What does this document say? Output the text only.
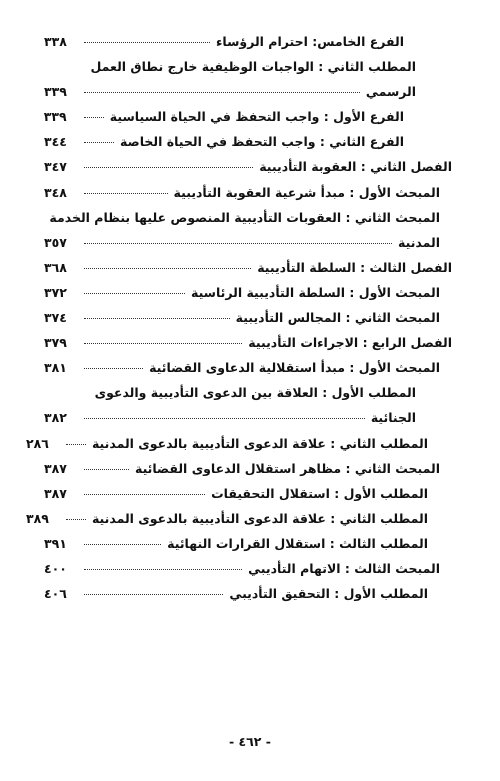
الفرع الخامس: احترام الرؤساء
٣٣٨
المطلب الثاني : الواجبات الوظيفية خارج نطاق العمل
الرسمي
٣٣٩
الفرع الأول : واجب التحفظ في الحياة السياسية
٣٣٩
الفرع الثاني : واجب التحفظ في الحياة الخاصة
٣٤٤
الفصل الثاني : العقوبة التأديبية
٣٤٧
المبحث الأول : مبدأ شرعية العقوبة التأديبية
٣٤٨
المبحث الثاني : العقوبات التأديبية المنصوص عليها بنظام الخدمة
المدنية
٣٥٧
الفصل الثالث : السلطة التأديبية
٣٦٨
المبحث الأول : السلطة التأديبية الرئاسية
٣٧٢
المبحث الثاني : المجالس التأديبية
٣٧٤
الفصل الرابع : الاجراءات التأديبية
٣٧٩
المبحث الأول : مبدأ استقلالية الدعاوى القضائية
٣٨١
المطلب الأول : العلاقة بين الدعوى التأديبية والدعوى
الجنائية
٣٨٢
المطلب الثاني : علاقة الدعوى التأديبية بالدعوى المدنية
٢٨٦
المبحث الثاني : مظاهر استقلال الدعاوى القضائية
٣٨٧
المطلب الأول : استقلال التحقيقات
٣٨٧
المطلب الثاني : علاقة الدعوى التأديبية بالدعوى المدنية
٣٨٩
المطلب الثالث : استقلال القرارات النهائية
٣٩١
المبحث الثالث : الاتهام التأديبي
٤٠٠
المطلب الأول : التحقيق التأديبي
٤٠٦
- ٤٦٢ -
